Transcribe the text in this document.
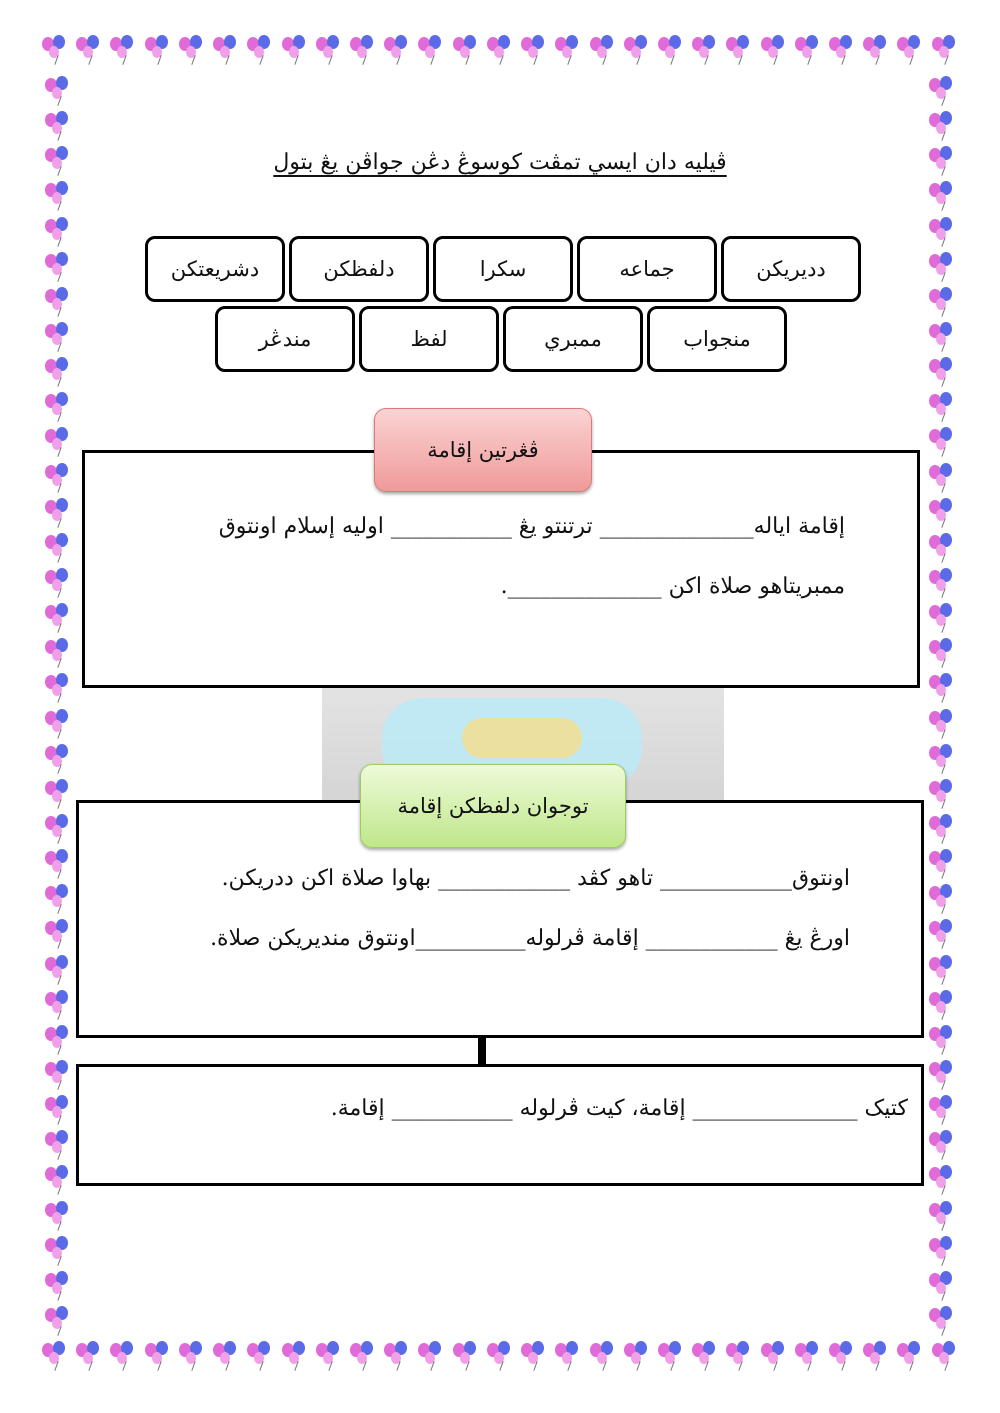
ڤيليه دان ايسي تمڤت كوسوڠ دڠن جواڤن يڠ بتول
دديريكن
جماعه
سكرا
دلفظكن
دشريعتكن
منجواب
ممبري
لفظ
مندڠر
ڤڠرتين إقامة
إقامة اياله______________ ترتنتو يڠ ___________ اوليه إسلام اونتوق
ممبريتاهو صلاة اكن ______________.
توجوان دلفظكن إقامة
اونتوق____________ تاهو كڤد ____________ بهاوا صلاة اكن ددريكن.
اورڠ يڠ ____________ إقامة ڤرلوله__________اونتوق منديريكن صلاة.
كتيک _______________ إقامة، كيت ڤرلوله ___________ إقامة.
